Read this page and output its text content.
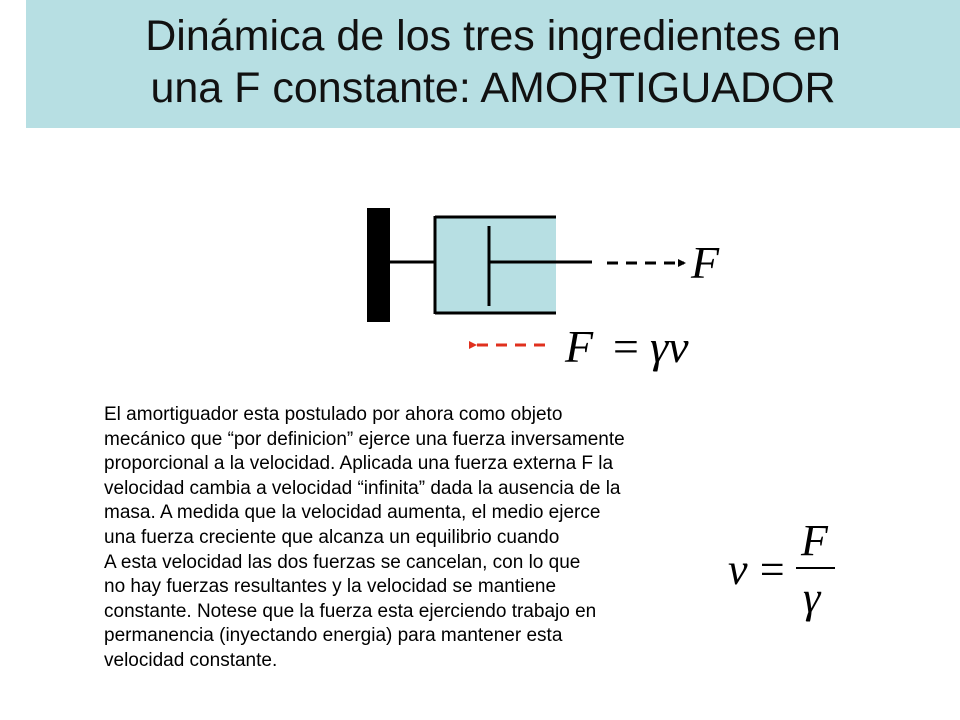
Dinámica de los tres ingredientes en
una F constante: AMORTIGUADOR
F
F = γv
v =
F
γ
El amortiguador esta postulado por ahora como objeto
mecánico que “por definicion” ejerce una fuerza inversamente
proporcional a la velocidad. Aplicada una fuerza externa F la
velocidad cambia a velocidad “infinita” dada la ausencia de la
masa. A medida que la velocidad aumenta, el medio ejerce
una fuerza creciente que alcanza un equilibrio cuando
A esta velocidad las dos fuerzas se cancelan, con lo que
no hay fuerzas resultantes y la velocidad se mantiene
constante. Notese que la fuerza esta ejerciendo trabajo en
permanencia (inyectando energia) para mantener esta
velocidad constante.
